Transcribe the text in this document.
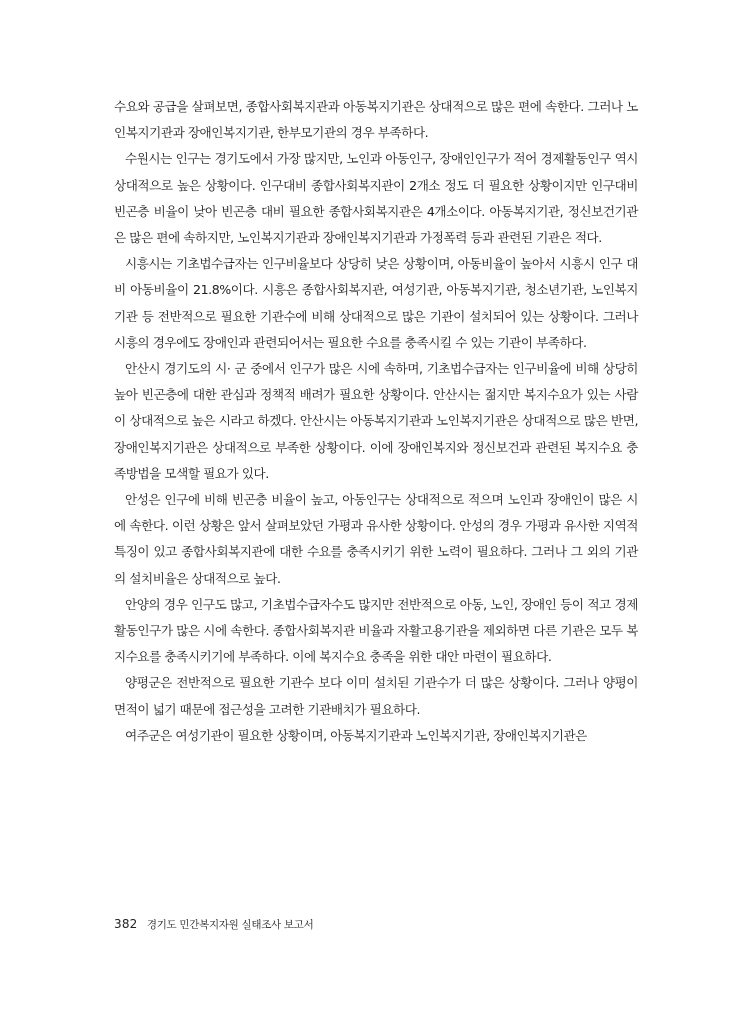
수요와 공급을 살펴보면, 종합사회복지관과 아동복지기관은 상대적으로 많은 편에 속한다. 그러나 노인복지기관과 장애인복지기관, 한부모기관의 경우 부족하다.

수원시는 인구는 경기도에서 가장 많지만, 노인과 아동인구, 장애인인구가 적어 경제활동인구 역시 상대적으로 높은 상황이다. 인구대비 종합사회복지관이 2개소 정도 더 필요한 상황이지만 인구대비 빈곤층 비율이 낮아 빈곤층 대비 필요한 종합사회복지관은 4개소이다. 아동복지기관, 정신보건기관은 많은 편에 속하지만, 노인복지기관과 장애인복지기관과 가정폭력 등과 관련된 기관은 적다.

시흥시는 기초법수급자는 인구비율보다 상당히 낮은 상황이며, 아동비율이 높아서 시흥시 인구 대비 아동비율이 21.8%이다. 시흥은 종합사회복지관, 여성기관, 아동복지기관, 청소년기관, 노인복지기관 등 전반적으로 필요한 기관수에 비해 상대적으로 많은 기관이 설치되어 있는 상황이다. 그러나 시흥의 경우에도 장애인과 관련되어서는 필요한 수요를 충족시킬 수 있는 기관이 부족하다.

안산시 경기도의 시· 군 중에서 인구가 많은 시에 속하며, 기초법수급자는 인구비율에 비해 상당히 높아 빈곤층에 대한 관심과 정책적 배려가 필요한 상황이다. 안산시는 젊지만 복지수요가 있는 사람이 상대적으로 높은 시라고 하겠다. 안산시는 아동복지기관과 노인복지기관은 상대적으로 많은 반면, 장애인복지기관은 상대적으로 부족한 상황이다. 이에 장애인복지와 정신보건과 관련된 복지수요 충족방법을 모색할 필요가 있다.

안성은 인구에 비해 빈곤층 비율이 높고, 아동인구는 상대적으로 적으며 노인과 장애인이 많은 시에 속한다. 이런 상황은 앞서 살펴보았던 가평과 유사한 상황이다. 안성의 경우 가평과 유사한 지역적 특징이 있고 종합사회복지관에 대한 수요를 충족시키기 위한 노력이 필요하다. 그러나 그 외의 기관의 설치비율은 상대적으로 높다.

안양의 경우 인구도 많고, 기초법수급자수도 많지만 전반적으로 아동, 노인, 장애인 등이 적고 경제활동인구가 많은 시에 속한다. 종합사회복지관 비율과 자활고용기관을 제외하면 다른 기관은 모두 복지수요를 충족시키기에 부족하다. 이에 복지수요 충족을 위한 대안 마련이 필요하다.

양평군은 전반적으로 필요한 기관수 보다 이미 설치된 기관수가 더 많은 상황이다. 그러나 양평이 면적이 넓기 때문에 접근성을 고려한 기관배치가 필요하다.

여주군은 여성기관이 필요한 상황이며, 아동복지기관과 노인복지기관, 장애인복지기관은

382 경기도 민간복지자원 실태조사 보고서
